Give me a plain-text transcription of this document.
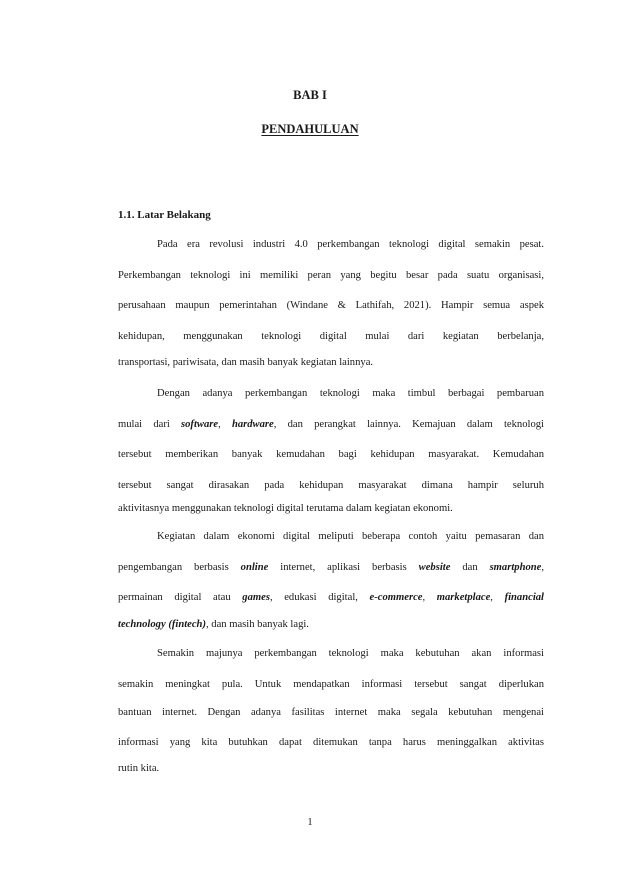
BAB I
PENDAHULUAN
1.1. Latar Belakang
Pada era revolusi industri 4.0 perkembangan teknologi digital semakin pesat.
Perkembangan teknologi ini memiliki peran yang begitu besar pada suatu organisasi,
perusahaan maupun pemerintahan (Windane & Lathifah, 2021). Hampir semua aspek
kehidupan, menggunakan teknologi digital mulai dari kegiatan berbelanja,
transportasi, pariwisata, dan masih banyak kegiatan lainnya.
Dengan adanya perkembangan teknologi maka timbul berbagai pembaruan
mulai dari software, hardware, dan perangkat lainnya. Kemajuan dalam teknologi
tersebut memberikan banyak kemudahan bagi kehidupan masyarakat. Kemudahan
tersebut sangat dirasakan pada kehidupan masyarakat dimana hampir seluruh
aktivitasnya menggunakan teknologi digital terutama dalam kegiatan ekonomi.
Kegiatan dalam ekonomi digital meliputi beberapa contoh yaitu pemasaran dan
pengembangan berbasis online internet, aplikasi berbasis website dan smartphone,
permainan digital atau games, edukasi digital, e-commerce, marketplace, financial
technology (fintech), dan masih banyak lagi.
Semakin majunya perkembangan teknologi maka kebutuhan akan informasi
semakin meningkat pula. Untuk mendapatkan informasi tersebut sangat diperlukan
bantuan internet. Dengan adanya fasilitas internet maka segala kebutuhan mengenai
informasi yang kita butuhkan dapat ditemukan tanpa harus meninggalkan aktivitas
rutin kita.
1
